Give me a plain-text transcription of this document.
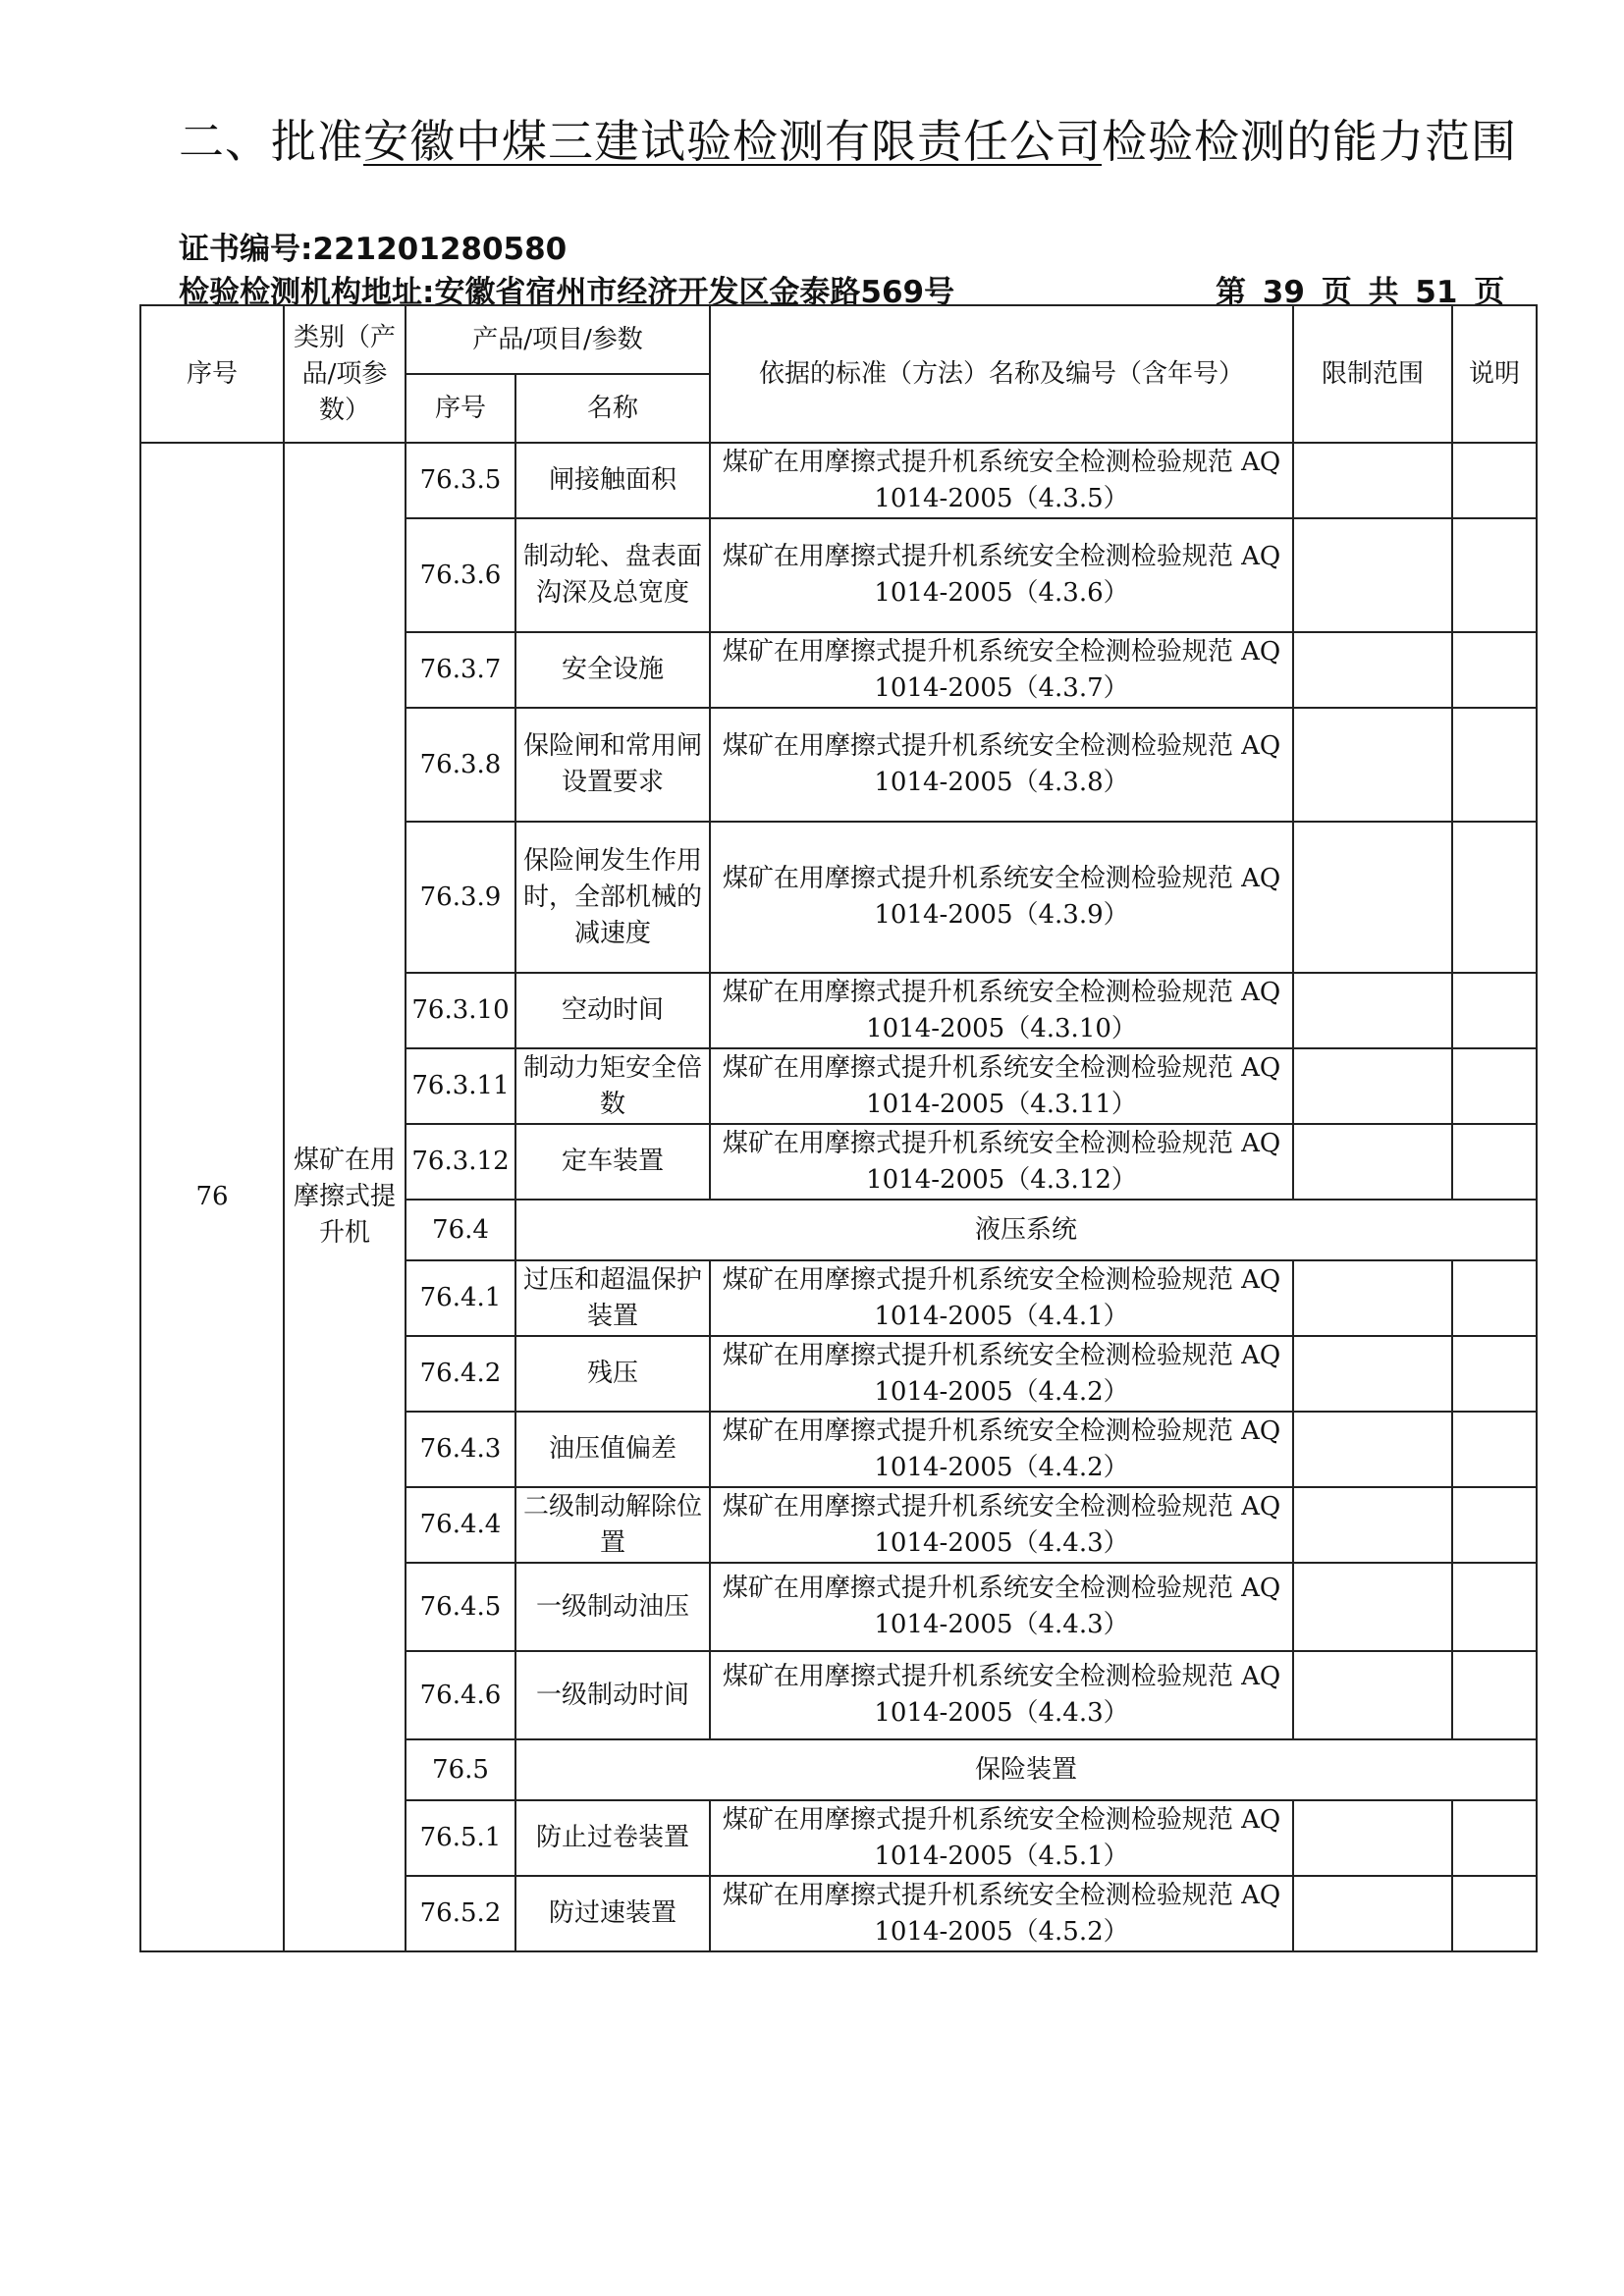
二、批准安徽中煤三建试验检测有限责任公司检验检测的能力范围
证书编号:221201280580
检验检测机构地址:安徽省宿州市经济开发区金泰路569号	第 39 页 共 51 页
序号	类别（产品/项参数）	产品/项目/参数		依据的标准（方法）名称及编号（含年号）	限制范围	说明
		序号	名称			
76	煤矿在用摩擦式提升机	76.3.5	闸接触面积	煤矿在用摩擦式提升机系统安全检测检验规范 AQ 1014-2005（4.3.5）		
		76.3.6	制动轮、盘表面沟深及总宽度	煤矿在用摩擦式提升机系统安全检测检验规范 AQ 1014-2005（4.3.6）		
		76.3.7	安全设施	煤矿在用摩擦式提升机系统安全检测检验规范 AQ 1014-2005（4.3.7）		
		76.3.8	保险闸和常用闸设置要求	煤矿在用摩擦式提升机系统安全检测检验规范 AQ 1014-2005（4.3.8）		
		76.3.9	保险闸发生作用时，全部机械的减速度	煤矿在用摩擦式提升机系统安全检测检验规范 AQ 1014-2005（4.3.9）		
		76.3.10	空动时间	煤矿在用摩擦式提升机系统安全检测检验规范 AQ 1014-2005（4.3.10）		
		76.3.11	制动力矩安全倍数	煤矿在用摩擦式提升机系统安全检测检验规范 AQ 1014-2005（4.3.11）		
		76.3.12	定车装置	煤矿在用摩擦式提升机系统安全检测检验规范 AQ 1014-2005（4.3.12）		
		76.4	液压系统			
		76.4.1	过压和超温保护装置	煤矿在用摩擦式提升机系统安全检测检验规范 AQ 1014-2005（4.4.1）		
		76.4.2	残压	煤矿在用摩擦式提升机系统安全检测检验规范 AQ 1014-2005（4.4.2）		
		76.4.3	油压值偏差	煤矿在用摩擦式提升机系统安全检测检验规范 AQ 1014-2005（4.4.2）		
		76.4.4	二级制动解除位置	煤矿在用摩擦式提升机系统安全检测检验规范 AQ 1014-2005（4.4.3）		
		76.4.5	一级制动油压	煤矿在用摩擦式提升机系统安全检测检验规范 AQ 1014-2005（4.4.3）		
		76.4.6	一级制动时间	煤矿在用摩擦式提升机系统安全检测检验规范 AQ 1014-2005（4.4.3）		
		76.5	保险装置			
		76.5.1	防止过卷装置	煤矿在用摩擦式提升机系统安全检测检验规范 AQ 1014-2005（4.5.1）		
		76.5.2	防过速装置	煤矿在用摩擦式提升机系统安全检测检验规范 AQ 1014-2005（4.5.2）		
